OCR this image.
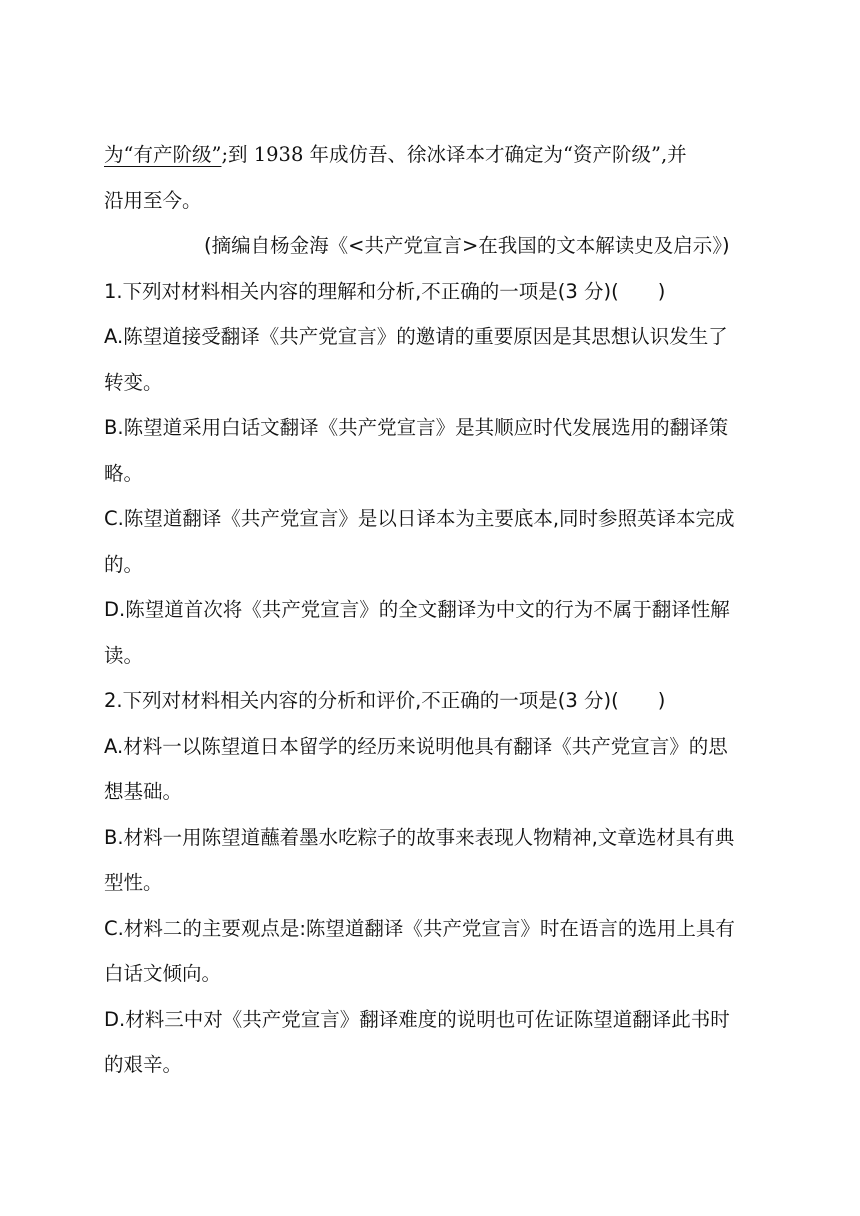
为“有产阶级”;到 1938 年成仿吾、徐冰译本才确定为“资产阶级”,并
沿用至今。
(摘编自杨金海《<共产党宣言>在我国的文本解读史及启示》)
1.下列对材料相关内容的理解和分析,不正确的一项是(3 分)(　　)
A.陈望道接受翻译《共产党宣言》的邀请的重要原因是其思想认识发生了
转变。
B.陈望道采用白话文翻译《共产党宣言》是其顺应时代发展选用的翻译策
略。
C.陈望道翻译《共产党宣言》是以日译本为主要底本,同时参照英译本完成
的。
D.陈望道首次将《共产党宣言》的全文翻译为中文的行为不属于翻译性解
读。
2.下列对材料相关内容的分析和评价,不正确的一项是(3 分)(　　)
A.材料一以陈望道日本留学的经历来说明他具有翻译《共产党宣言》的思
想基础。
B.材料一用陈望道蘸着墨水吃粽子的故事来表现人物精神,文章选材具有典
型性。
C.材料二的主要观点是:陈望道翻译《共产党宣言》时在语言的选用上具有
白话文倾向。
D.材料三中对《共产党宣言》翻译难度的说明也可佐证陈望道翻译此书时
的艰辛。
